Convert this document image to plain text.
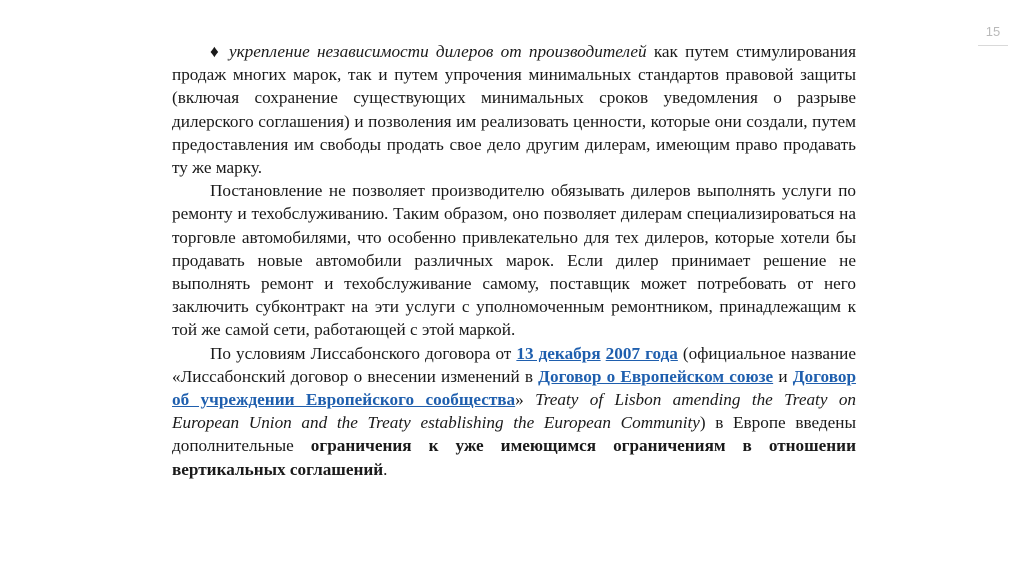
15

♦ укрепление независимости дилеров от производителей как путем стимулирования продаж многих марок, так и путем упрочения минимальных стандартов правовой защиты (включая сохранение существующих минимальных сроков уведомления о разрыве дилерского соглашения) и позволения им реализовать ценности, которые они создали, путем предоставления им свободы продать свое дело другим дилерам, имеющим право продавать ту же марку.

Постановление не позволяет производителю обязывать дилеров выполнять услуги по ремонту и техобслуживанию. Таким образом, оно позволяет дилерам специализироваться на торговле автомобилями, что особенно привлекательно для тех дилеров, которые хотели бы продавать новые автомобили различных марок. Если дилер принимает решение не выполнять ремонт и техобслуживание самому, поставщик может потребовать от него заключить субконтракт на эти услуги с уполномоченным ремонтником, принадлежащим к той же самой сети, работающей с этой маркой.

По условиям Лиссабонского договора от 13 декабря 2007 года (официальное название «Лиссабонский договор о внесении изменений в Договор о Европейском союзе и Договор об учреждении Европейского сообщества» Treaty of Lisbon amending the Treaty on European Union and the Treaty establishing the European Community) в Европе введены дополнительные ограничения к уже имеющимся ограничениям в отношении вертикальных соглашений.
